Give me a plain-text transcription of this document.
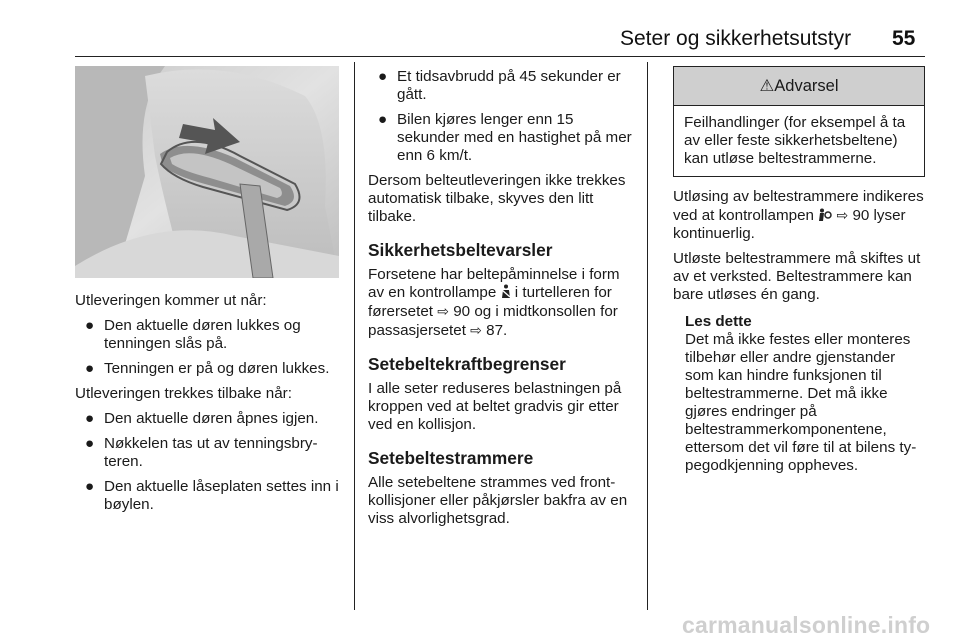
Seter og sikkerhetsutstyr 55

Utleveringen kommer ut når:

● Den aktuelle døren lukkes og tenningen slås på.
● Tenningen er på og døren lukkes.

Utleveringen trekkes tilbake når:

● Den aktuelle døren åpnes igjen.
● Nøkkelen tas ut av tenningsbryteren.
● Den aktuelle låseplaten settes inn i bøylen.
● Et tidsavbrudd på 45 sekunder er gått.
● Bilen kjøres lenger enn 15 sekunder med en hastighet på mer enn 6 km/t.

Dersom belteutleveringen ikke trekkes automatisk tilbake, skyves den litt tilbake.

Sikkerhetsbeltevarsler

Forsetene har beltepåminnelse i form av en kontrollampe i turtelleren for førersetet ⇨ 90 og i midtkonsollen for passasjersetet ⇨ 87.

Setebeltekraftbegrenser

I alle seter reduseres belastningen på kroppen ved at beltet gradvis gir etter ved en kollisjon.

Setebeltestrammere

Alle setebeltene strammes ved frontkollisjoner eller påkjørsler bakfra av en viss alvorlighetsgrad.

⚠Advarsel
Feilhandlinger (for eksempel å ta av eller feste sikkerhetsbeltene) kan utløse beltestrammerne.

Utløsing av beltestrammere indikeres ved at kontrollampen ⇨ 90 lyser kontinuerlig.

Utløste beltestrammere må skiftes ut av et verksted. Beltestrammere kan bare utløses én gang.

Les dette
Det må ikke festes eller monteres tilbehør eller andre gjenstander som kan hindre funksjonen til beltestrammerne. Det må ikke gjøres endringer på beltestrammerkomponentene, ettersom det vil føre til at bilens typegodkjenning oppheves.
carmanualsonline.info
